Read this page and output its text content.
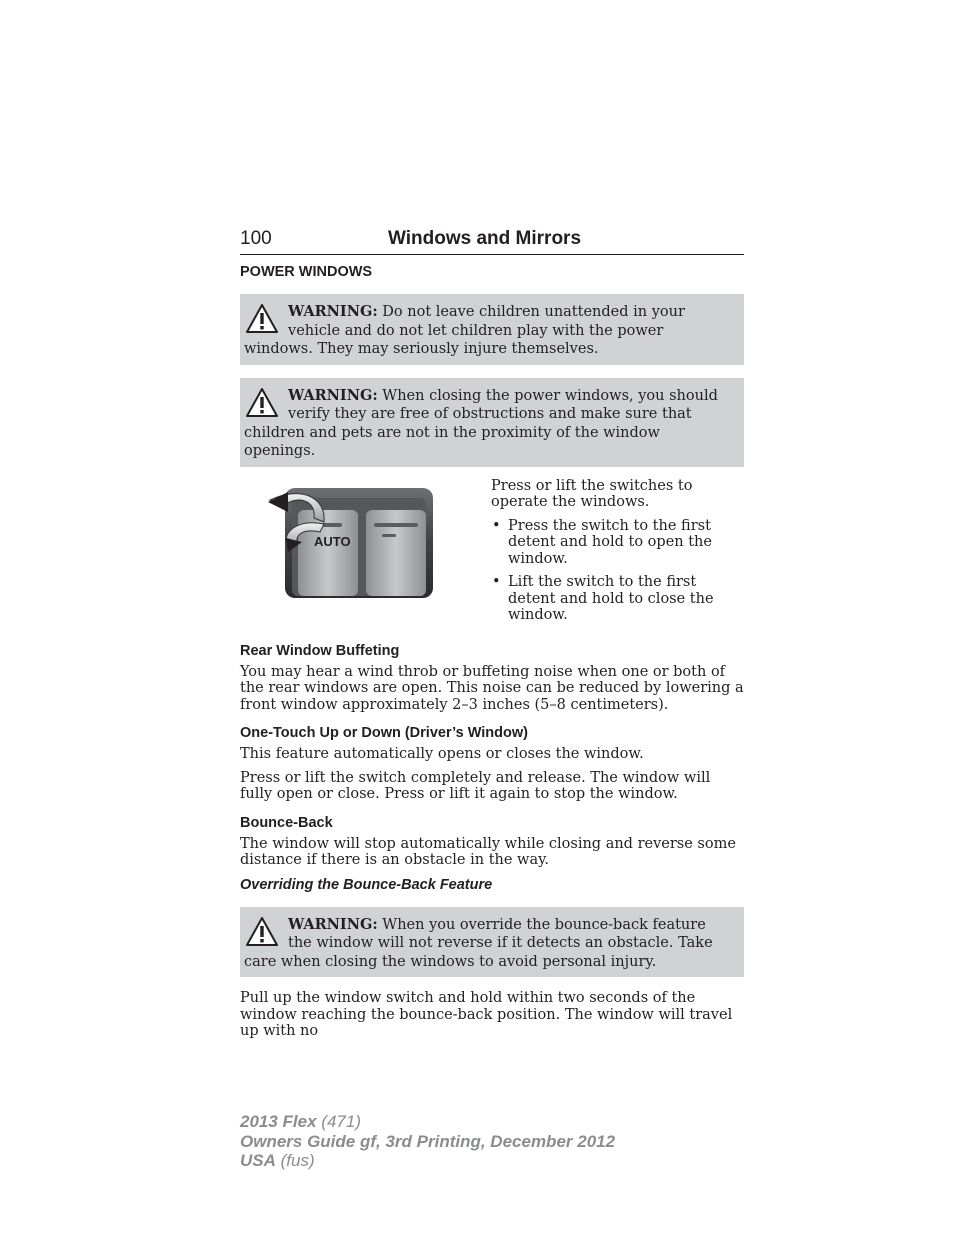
100	Windows and Mirrors
POWER WINDOWS
WARNING: Do not leave children unattended in your vehicle and do not let children play with the power windows. They may seriously injure themselves.
WARNING: When closing the power windows, you should verify they are free of obstructions and make sure that children and pets are not in the proximity of the window openings.
AUTO

Press or lift the switches to operate the windows.

• Press the switch to the first detent and hold to open the window.
• Lift the switch to the first detent and hold to close the window.
Rear Window Buffeting

You may hear a wind throb or buffeting noise when one or both of the rear windows are open. This noise can be reduced by lowering a front window approximately 2–3 inches (5–8 centimeters).

One-Touch Up or Down (Driver’s Window)

This feature automatically opens or closes the window.

Press or lift the switch completely and release. The window will fully open or close. Press or lift it again to stop the window.

Bounce-Back

The window will stop automatically while closing and reverse some distance if there is an obstacle in the way.

Overriding the Bounce-Back Feature
WARNING: When you override the bounce-back feature the window will not reverse if it detects an obstacle. Take care when closing the windows to avoid personal injury.

Pull up the window switch and hold within two seconds of the window reaching the bounce-back position. The window will travel up with no

2013 Flex (471)
Owners Guide gf, 3rd Printing, December 2012
USA (fus)
